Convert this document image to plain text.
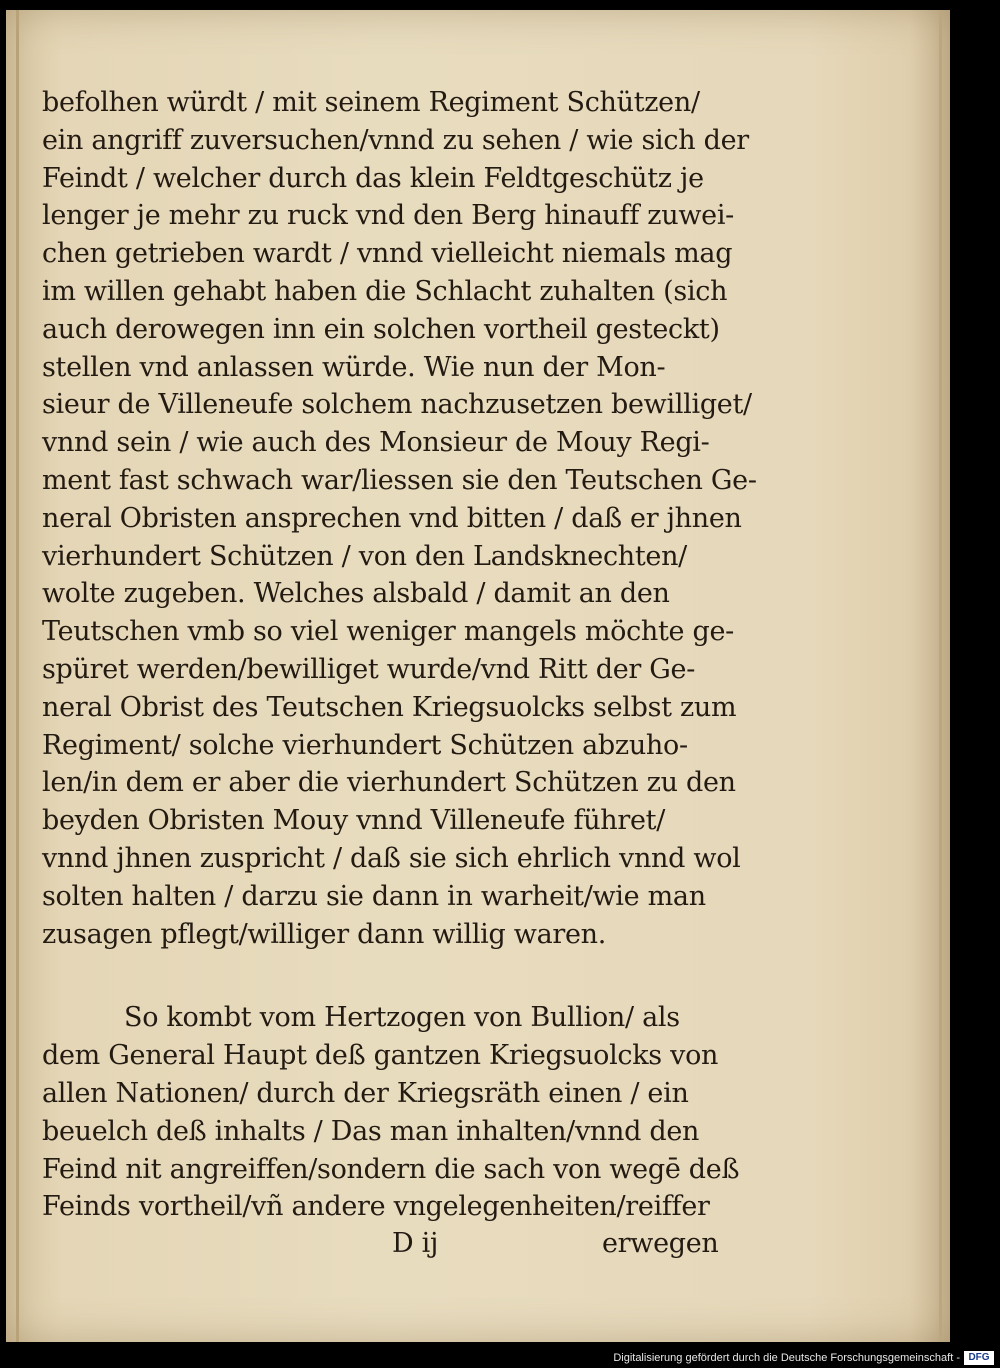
befolhen würdt / mit seinem Regiment Schützen/
ein angriff zuversuchen/vnnd zu sehen / wie sich der
Feindt / welcher durch das klein Feldtgeschütz je
lenger je mehr zu ruck vnd den Berg hinauff zuwei-
chen getrieben wardt / vnnd vielleicht niemals mag
im willen gehabt haben die Schlacht zuhalten (sich
auch derowegen inn ein solchen vortheil gesteckt)
stellen vnd anlassen würde. Wie nun der Mon-
sieur de Villeneufe solchem nachzusetzen bewilliget/
vnnd sein / wie auch des Monsieur de Mouy Regi-
ment fast schwach war/liessen sie den Teutschen Ge-
neral Obristen ansprechen vnd bitten / daß er jhnen
vierhundert Schützen / von den Landsknechten/
wolte zugeben. Welches alsbald / damit an den
Teutschen vmb so viel weniger mangels möchte ge-
spüret werden/bewilliget wurde/vnd Ritt der Ge-
neral Obrist des Teutschen Kriegsuolcks selbst zum
Regiment/ solche vierhundert Schützen abzuho-
len/in dem er aber die vierhundert Schützen zu den
beyden Obristen Mouy vnnd Villeneufe führet/
vnnd jhnen zuspricht / daß sie sich ehrlich vnnd wol
solten halten / darzu sie dann in warheit/wie man
zusagen pflegt/williger dann willig waren.
So kombt vom Hertzogen von Bullion/ als
dem General Haupt deß gantzen Kriegsuolcks von
allen Nationen/ durch der Kriegsräth einen / ein
beuelch deß inhalts / Das man inhalten/vnnd den
Feind nit angreiffen/sondern die sach von wegē deß
Feinds vortheil/vñ andere vngelegenheiten/reiffer
D ij	erwegen
Digitalisierung gefördert durch die Deutsche Forschungsgemeinschaft - DFG
